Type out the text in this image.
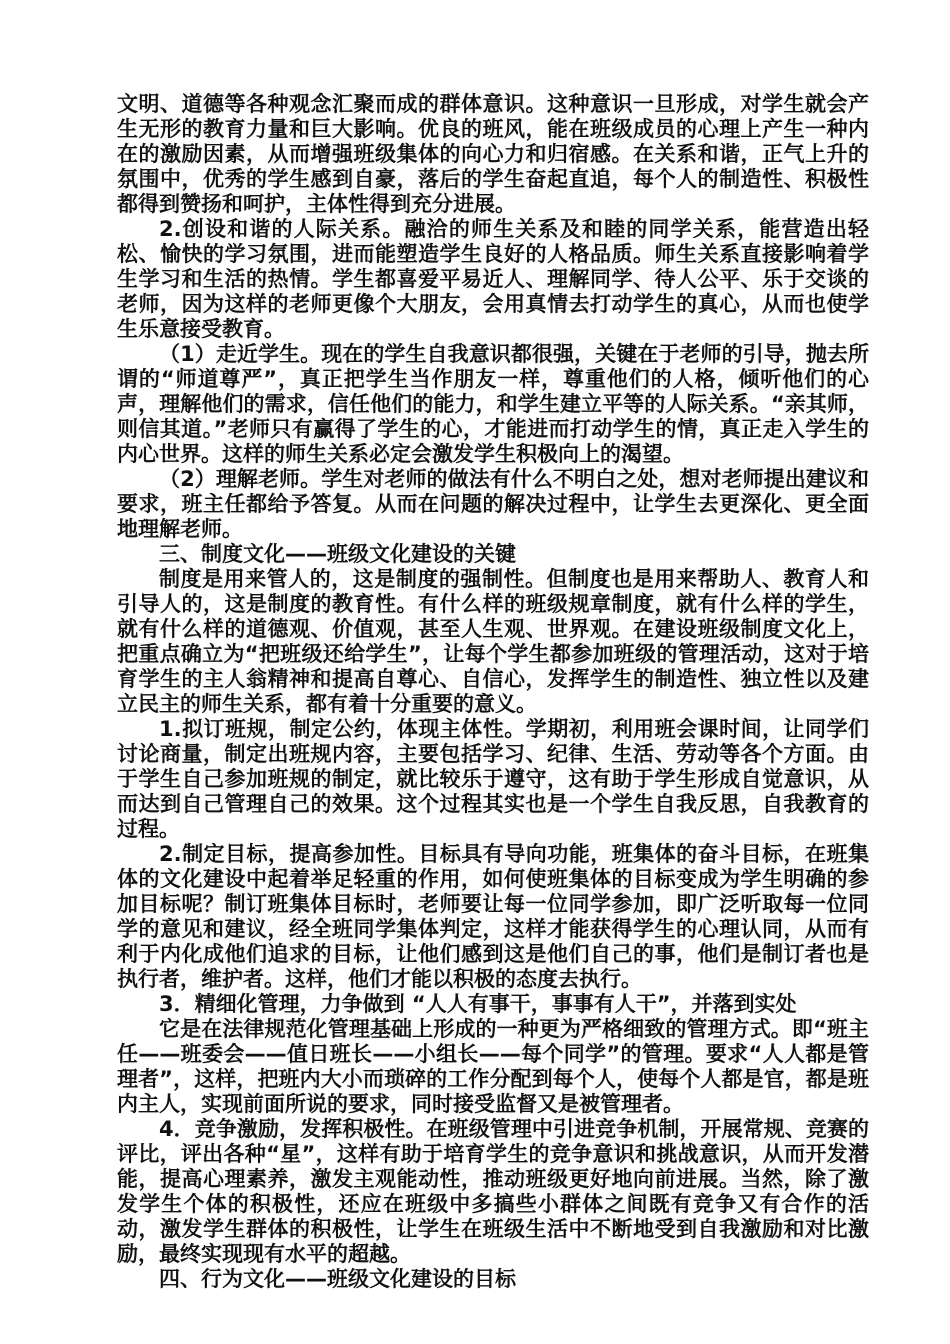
文明、道德等各种观念汇聚而成的群体意识。这种意识一旦形成，对学生就会产生无形的教育力量和巨大影响。优良的班风，能在班级成员的心理上产生一种内在的激励因素，从而增强班级集体的向心力和归宿感。在关系和谐，正气上升的氛围中，优秀的学生感到自豪，落后的学生奋起直追，每个人的制造性、积极性都得到赞扬和呵护，主体性得到充分进展。

2.创设和谐的人际关系。融洽的师生关系及和睦的同学关系，能营造出轻松、愉快的学习氛围，进而能塑造学生良好的人格品质。师生关系直接影响着学生学习和生活的热情。学生都喜爱平易近人、理解同学、待人公平、乐于交谈的老师，因为这样的老师更像个大朋友，会用真情去打动学生的真心，从而也使学生乐意接受教育。

（1）走近学生。现在的学生自我意识都很强，关键在于老师的引导，抛去所谓的“师道尊严”，真正把学生当作朋友一样，尊重他们的人格，倾听他们的心声，理解他们的需求，信任他们的能力，和学生建立平等的人际关系。“亲其师，则信其道。”老师只有赢得了学生的心，才能进而打动学生的情，真正走入学生的内心世界。这样的师生关系必定会激发学生积极向上的渴望。

（2）理解老师。学生对老师的做法有什么不明白之处，想对老师提出建议和要求，班主任都给予答复。从而在问题的解决过程中，让学生去更深化、更全面地理解老师。

三、制度文化——班级文化建设的关键

制度是用来管人的，这是制度的强制性。但制度也是用来帮助人、教育人和引导人的，这是制度的教育性。有什么样的班级规章制度，就有什么样的学生，就有什么样的道德观、价值观，甚至人生观、世界观。在建设班级制度文化上，把重点确立为“把班级还给学生”，让每个学生都参加班级的管理活动，这对于培育学生的主人翁精神和提高自尊心、自信心，发挥学生的制造性、独立性以及建立民主的师生关系，都有着十分重要的意义。

1.拟订班规，制定公约，体现主体性。学期初，利用班会课时间，让同学们讨论商量，制定出班规内容，主要包括学习、纪律、生活、劳动等各个方面。由于学生自己参加班规的制定，就比较乐于遵守，这有助于学生形成自觉意识，从而达到自己管理自己的效果。这个过程其实也是一个学生自我反思，自我教育的过程。

2.制定目标，提高参加性。目标具有导向功能，班集体的奋斗目标，在班集体的文化建设中起着举足轻重的作用，如何使班集体的目标变成为学生明确的参加目标呢？制订班集体目标时，老师要让每一位同学参加，即广泛听取每一位同学的意见和建议，经全班同学集体判定，这样才能获得学生的心理认同，从而有利于内化成他们追求的目标，让他们感到这是他们自己的事，他们是制订者也是执行者，维护者。这样，他们才能以积极的态度去执行。

3．精细化管理，力争做到 “人人有事干，事事有人干”，并落到实处

它是在法律规范化管理基础上形成的一种更为严格细致的管理方式。即“班主任——班委会——值日班长——小组长——每个同学”的管理。要求“人人都是管理者”，这样，把班内大小而琐碎的工作分配到每个人，使每个人都是官，都是班内主人，实现前面所说的要求，同时接受监督又是被管理者。

4．竞争激励，发挥积极性。在班级管理中引进竞争机制，开展常规、竞赛的评比，评出各种“星”，这样有助于培育学生的竞争意识和挑战意识，从而开发潜能，提高心理素养，激发主观能动性，推动班级更好地向前进展。当然，除了激发学生个体的积极性，还应在班级中多搞些小群体之间既有竞争又有合作的活动，激发学生群体的积极性，让学生在班级生活中不断地受到自我激励和对比激励，最终实现现有水平的超越。

四、行为文化——班级文化建设的目标
